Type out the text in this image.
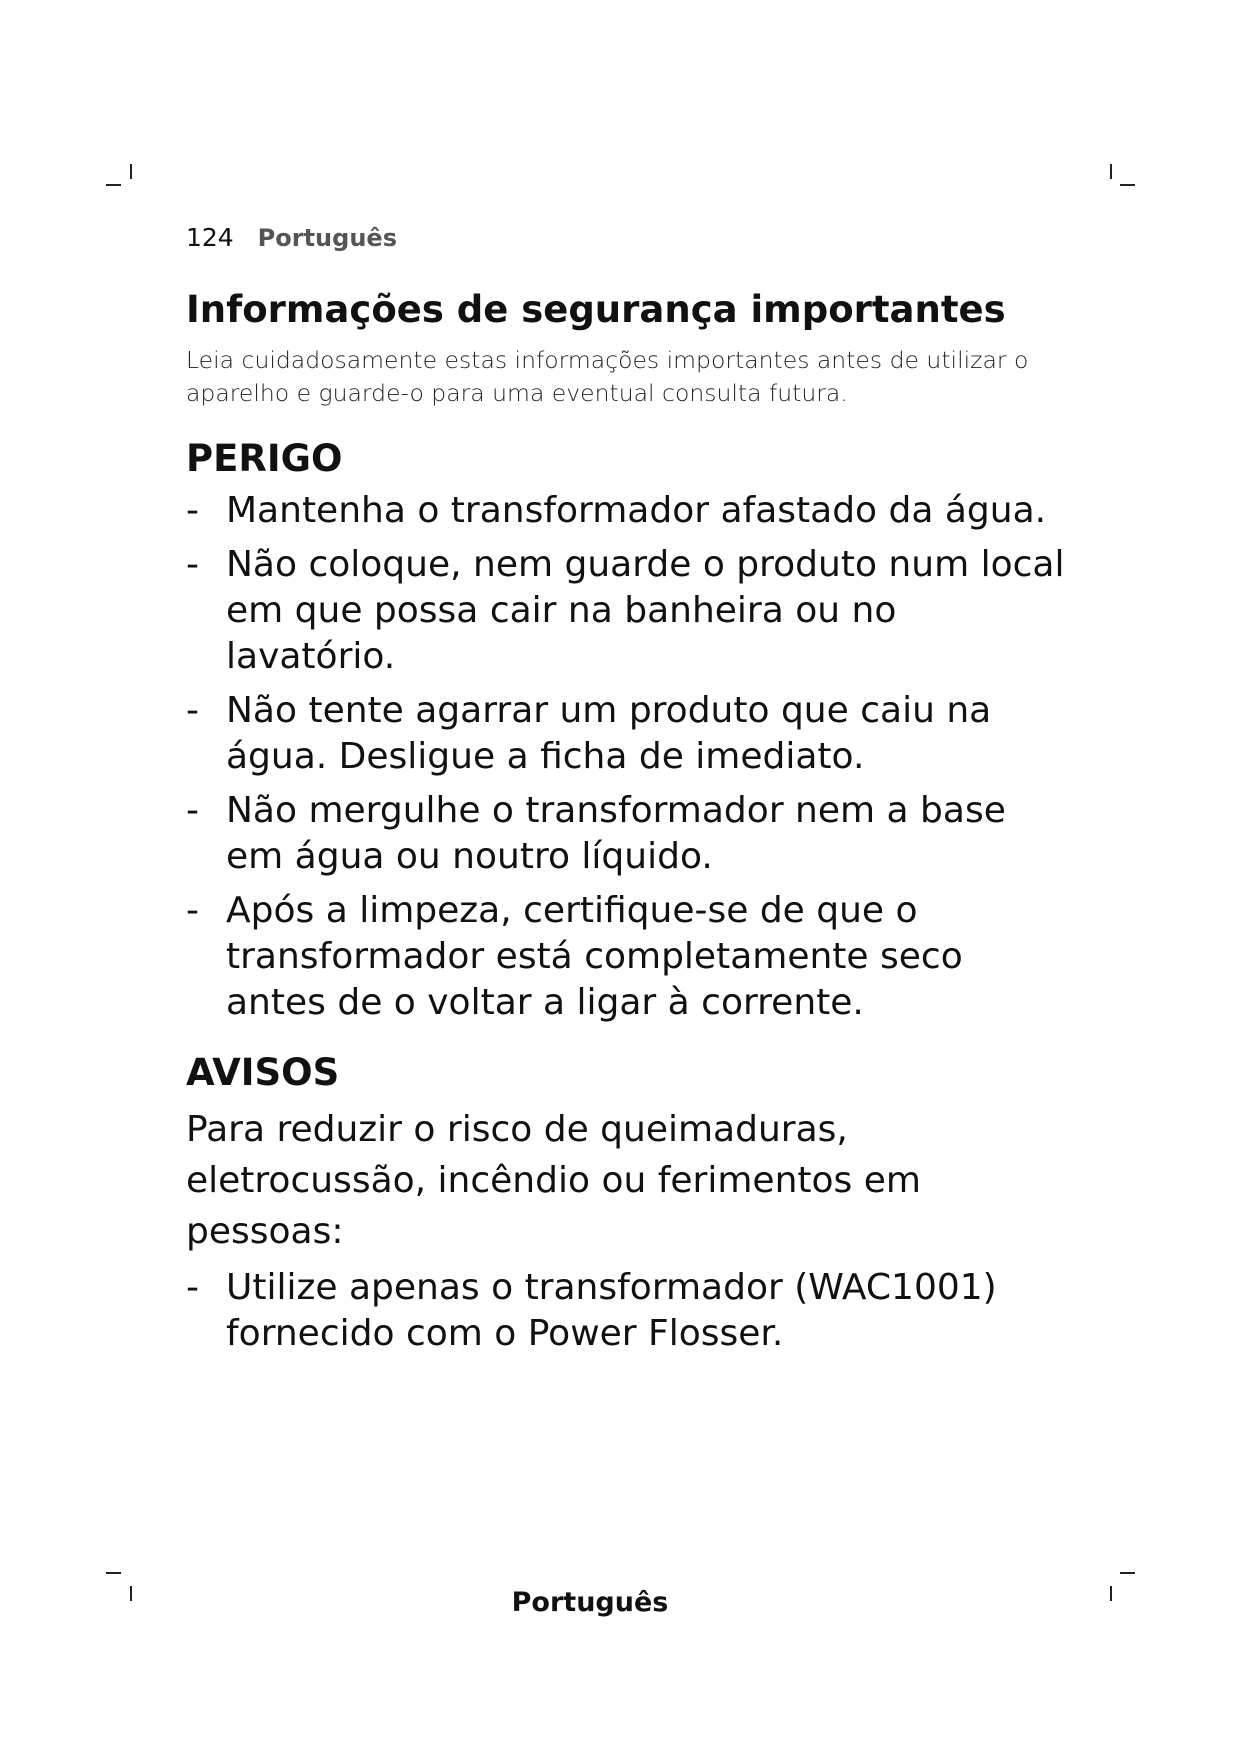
124 Português
Informações de segurança importantes

Leia cuidadosamente estas informações importantes antes de utilizar o aparelho e guarde-o para uma eventual consulta futura.

PERIGO
- Mantenha o transformador afastado da água.
- Não coloque, nem guarde o produto num local em que possa cair na banheira ou no lavatório.
- Não tente agarrar um produto que caiu na água. Desligue a ficha de imediato.
- Não mergulhe o transformador nem a base em água ou noutro líquido.
- Após a limpeza, certifique-se de que o transformador está completamente seco antes de o voltar a ligar à corrente.
AVISOS

Para reduzir o risco de queimaduras, eletrocussão, incêndio ou ferimentos em pessoas:

- Utilize apenas o transformador (WAC1001) fornecido com o Power Flosser.
Português
